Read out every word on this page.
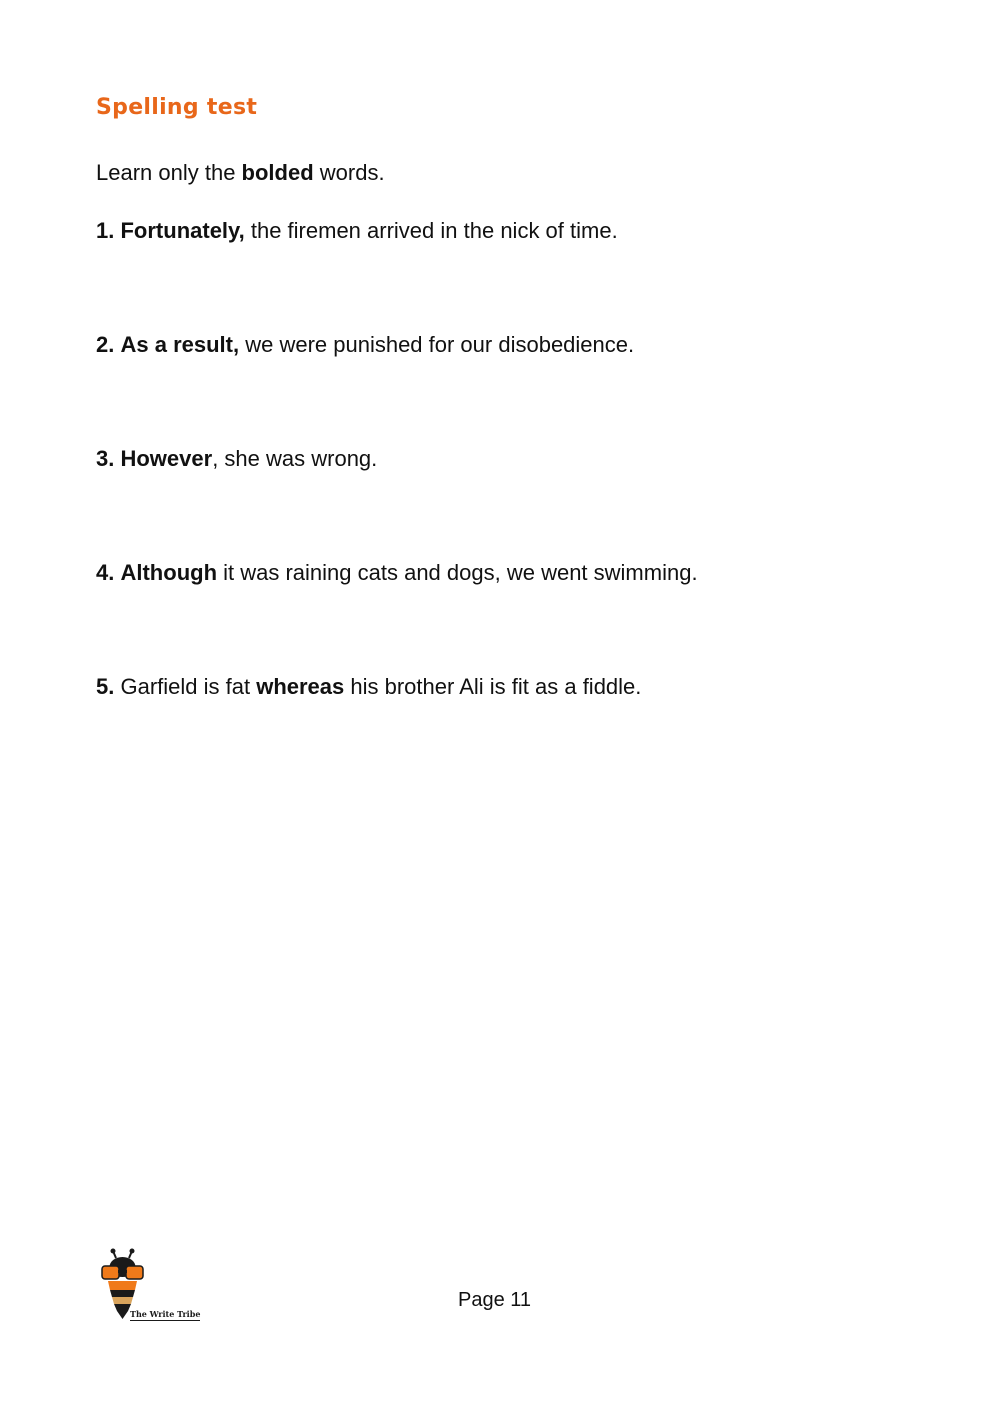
Spelling test

Learn only the bolded words.

1. Fortunately, the firemen arrived in the nick of time.

2. As a result, we were punished for our disobedience.

3. However, she was wrong.

4. Although it was raining cats and dogs, we went swimming.

5. Garfield is fat whereas his brother Ali is fit as a fiddle.

The Write Tribe

Page 11
